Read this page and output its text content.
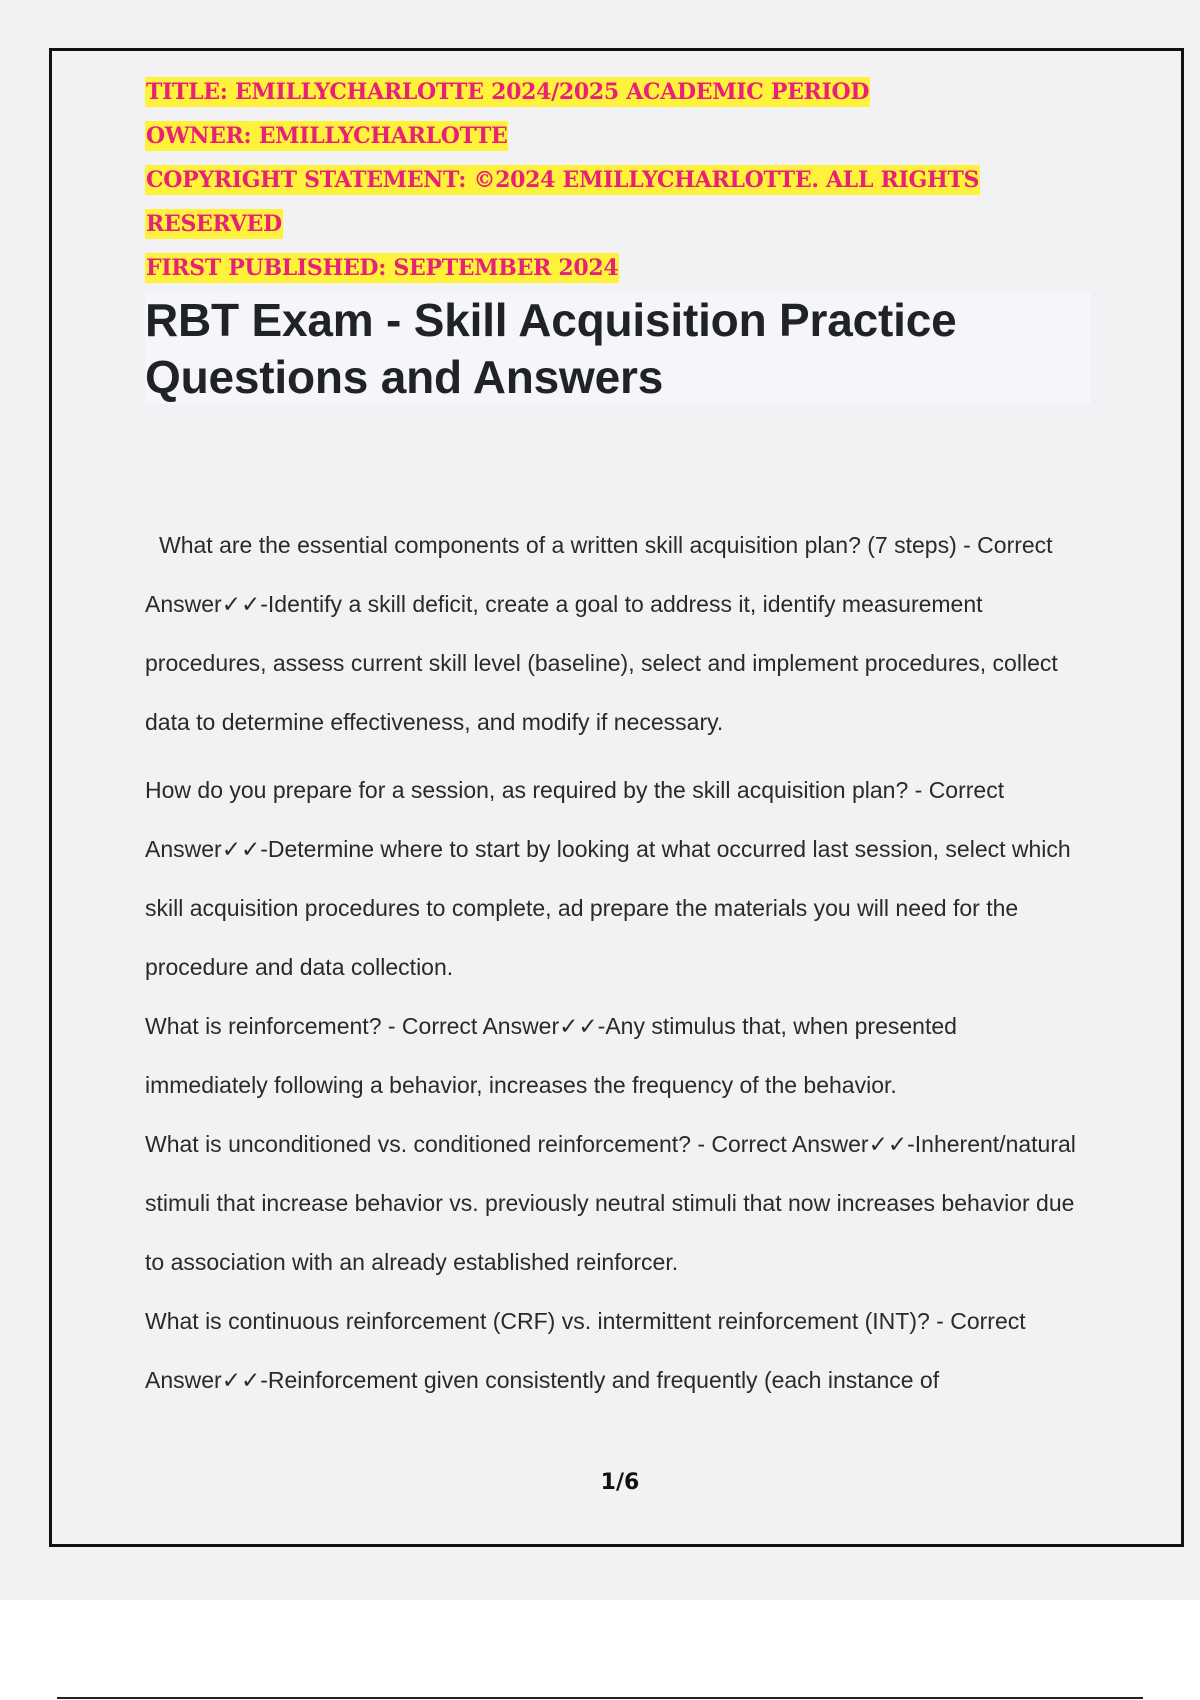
TITLE: EMILLYCHARLOTTE 2024/2025 ACADEMIC PERIOD
OWNER: EMILLYCHARLOTTE
COPYRIGHT STATEMENT: ©2024 EMILLYCHARLOTTE. ALL RIGHTS
RESERVED
FIRST PUBLISHED: SEPTEMBER 2024
RBT Exam - Skill Acquisition Practice
Questions and Answers

What are the essential components of a written skill acquisition plan? (7 steps) - Correct Answer✓✓-Identify a skill deficit, create a goal to address it, identify measurement procedures, assess current skill level (baseline), select and implement procedures, collect data to determine effectiveness, and modify if necessary.

How do you prepare for a session, as required by the skill acquisition plan? - Correct Answer✓✓-Determine where to start by looking at what occurred last session, select which skill acquisition procedures to complete, ad prepare the materials you will need for the procedure and data collection.

What is reinforcement? - Correct Answer✓✓-Any stimulus that, when presented immediately following a behavior, increases the frequency of the behavior.

What is unconditioned vs. conditioned reinforcement? - Correct Answer✓✓-Inherent/natural stimuli that increase behavior vs. previously neutral stimuli that now increases behavior due to association with an already established reinforcer.

What is continuous reinforcement (CRF) vs. intermittent reinforcement (INT)? - Correct Answer✓✓-Reinforcement given consistently and frequently (each instance of

1/6
